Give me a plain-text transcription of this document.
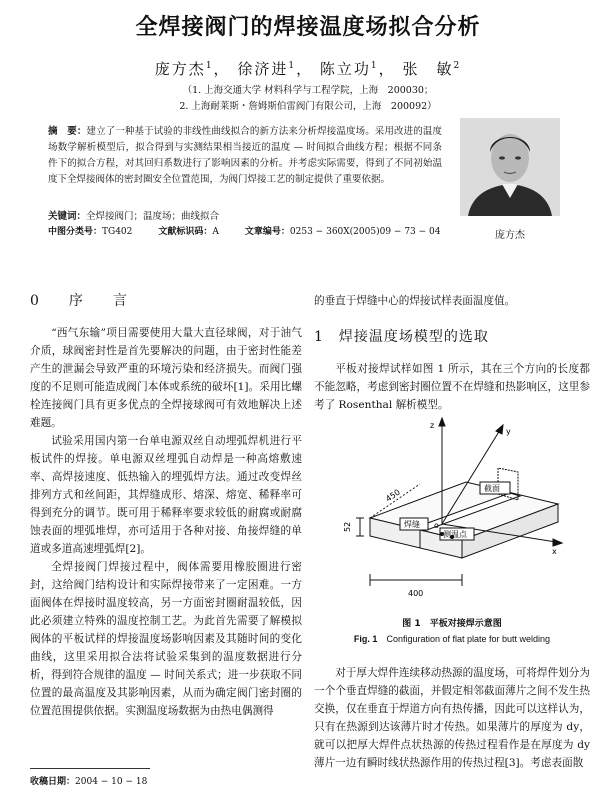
全焊接阀门的焊接温度场拟合分析
庞方杰$^1$， 徐济进$^1$， 陈立功$^1$， 张　敏$^2$
（1. 上海交通大学 材料科学与工程学院，上海　200030；
2. 上海耐莱斯・詹姆斯伯雷阀门有限公司，上海　200092）
摘　要：建立了一种基于试验的非线性曲线拟合的新方法来分析焊接温度场。采用改进的温度场数学解析模型后，拟合得到与实测结果相当接近的温度 — 时间拟合曲线方程；根据不同条件下的拟合方程，对其回归系数进行了影响因素的分析。并考虑实际需要，得到了不同初始温度下全焊接阀体的密封圈安全位置范围，为阀门焊接工艺的制定提供了重要依据。
关键词：全焊接阀门；温度场；曲线拟合
中图分类号：TG402	文献标识码：A	文章编号：0253 − 360X(2005)09 − 73 − 04	庞方杰
0　 序　言

“西气东输”项目需要使用大量大直径球阀，对于油气介质，球阀密封性是首先要解决的问题，由于密封性能差产生的泄漏会导致严重的环境污染和经济损失。而阀门强度的不足则可能造成阀门本体或系统的破坏[1]。采用比螺栓连接阀门具有更多优点的全焊接球阀可有效地解决上述难题。

试验采用国内第一台单电源双丝自动埋弧焊机进行平板试件的焊接。单电源双丝埋弧自动焊是一种高熔敷速率、高焊接速度、低热输入的埋弧焊方法。通过改变焊丝排列方式和丝间距，其焊缝成形、熔深、熔宽、稀释率可得到充分的调节。既可用于稀释率要求较低的耐腐或耐腐蚀表面的埋弧堆焊，亦可适用于各种对接、角接焊缝的单道或多道高速埋弧焊[2]。

全焊接阀门焊接过程中，阀体需要用橡胶圈进行密封，这给阀门结构设计和实际焊接带来了一定困难。一方面阀体在焊接时温度较高，另一方面密封圈耐温较低，因此必须建立特殊的温度控制工艺。为此首先需要了解模拟阀体的平板试样的焊接温度场影响因素及其随时间的变化曲线，这里采用拟合法将试验采集到的温度数据进行分析，得到符合规律的温度 — 时间关系式；进一步获取不同位置的最高温度及其影响因素，从而为确定阀门密封圈的位置范围提供依据。实测温度场数据为由热电偶测得

的垂直于焊缝中心的焊接试样表面温度值。
1　 焊接温度场模型的选取

平板对接焊试样如图 1 所示，其在三个方向的长度都不能忽略，考虑到密封圈位置不在焊缝和热影响区，这里参考了 Rosenthal 解析模型。

z
y
x
o
截面
焊缝
测温点
450
400
52
图 1　 平板对接焊示意图
Fig. 1　 Configuration of flat plate for butt welding

对于厚大焊件连续移动热源的温度场，可将焊件划分为一个个垂直焊缝的截面，并假定相邻截面薄片之间不发生热交换，仅在垂直于焊道方向有热传播，因此可以这样认为，只有在热源到达该薄片时才传热。如果薄片的厚度为 dy，就可以把厚大焊件点状热源的传热过程看作是在厚度为 dy 薄片一边有瞬时线状热源作用的传热过程[3]。考虑表面散

收稿日期：2004 − 10 − 18
